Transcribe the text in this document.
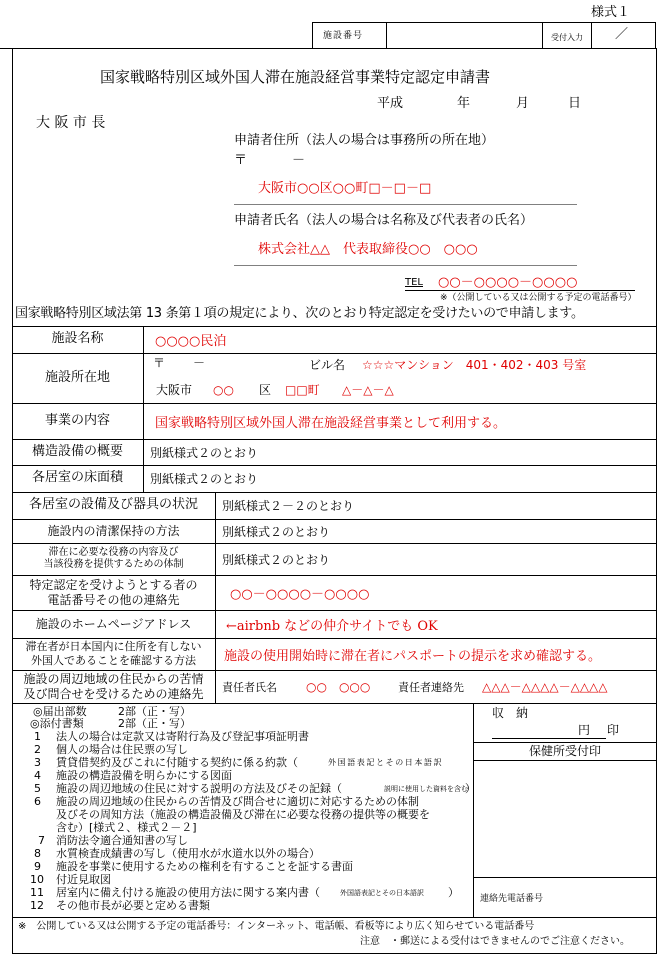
様式１
施設番号	受付入力 ／
国家戦略特別区域外国人滞在施設経営事業特定認定申請書
平成	年	月	日
大 阪 市 長
申請者住所（法人の場合は事務所の所在地）
〒	－
大阪市○○区○○町□－□－□
申請者氏名（法人の場合は名称及び代表者の氏名）
株式会社△△　代表取締役○○　○○○
TEL ○○－○○○○－○○○○
※（公開している又は公開する予定の電話番号）
国家戦略特別区域法第 13 条第１項の規定により、次のとおり特定認定を受けたいので申請します。
施設名称	○○○○民泊
施設所在地
〒 －	ビル名 ☆☆☆マンション　401・402・403 号室
大阪市 ○○ 区 □□町 △－△－△
事業の内容	国家戦略特別区域外国人滞在施設経営事業として利用する。
構造設備の概要	別紙様式２のとおり
各居室の床面積	別紙様式２のとおり
各居室の設備及び器具の状況	別紙様式２－２のとおり
施設内の清潔保持の方法	別紙様式２のとおり
滞在に必要な役務の内容及び
当該役務を提供するための体制	別紙様式２のとおり
特定認定を受けようとする者の
電話番号その他の連絡先	○○－○○○○－○○○○
施設のホームページアドレス	←airbnb などの仲介サイトでも OK
滞在者が日本国内に住所を有しない
外国人であることを確認する方法 施設の使用開始時に滞在者にパスポートの提示を求め確認する。
施設の周辺地域の住民からの苦情
及び問合せを受けるための連絡先 責任者氏名 ○○　○○○	責任者連絡先 △△△－△△△△－△△△△
◎届出部数	2部（正・写）
◎添付書類	2部（正・写）
1 法人の場合は定款又は寄附行為及び登記事項証明書
2 個人の場合は住民票の写し
3 賃貸借契約及びこれに付随する契約に係る約款（	外国語表記とその日本語訳
4 施設の構造設備を明らかにする図面
5 施設の周辺地域の住民に対する説明の方法及びその記録（	説明に使用した資料を含む
）
6 施設の周辺地域の住民からの苦情及び問合せに適切に対応するための体制
及びその周知方法（施設の構造設備及び滞在に必要な役務の提供等の概要を
含む）[様式２、様式２－２]
7 消防法令適合通知書の写し
8 水質検査成績書の写し（使用水が水道水以外の場合）
9 施設を事業に使用するための権利を有することを証する書面
10 付近見取図
11 居室内に備え付ける施設の使用方法に関する案内書（	外国語表記とその日本語訳 ）
12 その他市長が必要と定める書類
収　納
円 印
保健所受付印
連絡先電話番号
※　公開している又は公開する予定の電話番号：インターネット、電話帳、看板等により広く知らせている電話番号
注意　・郵送による受付はできませんのでご注意ください。
